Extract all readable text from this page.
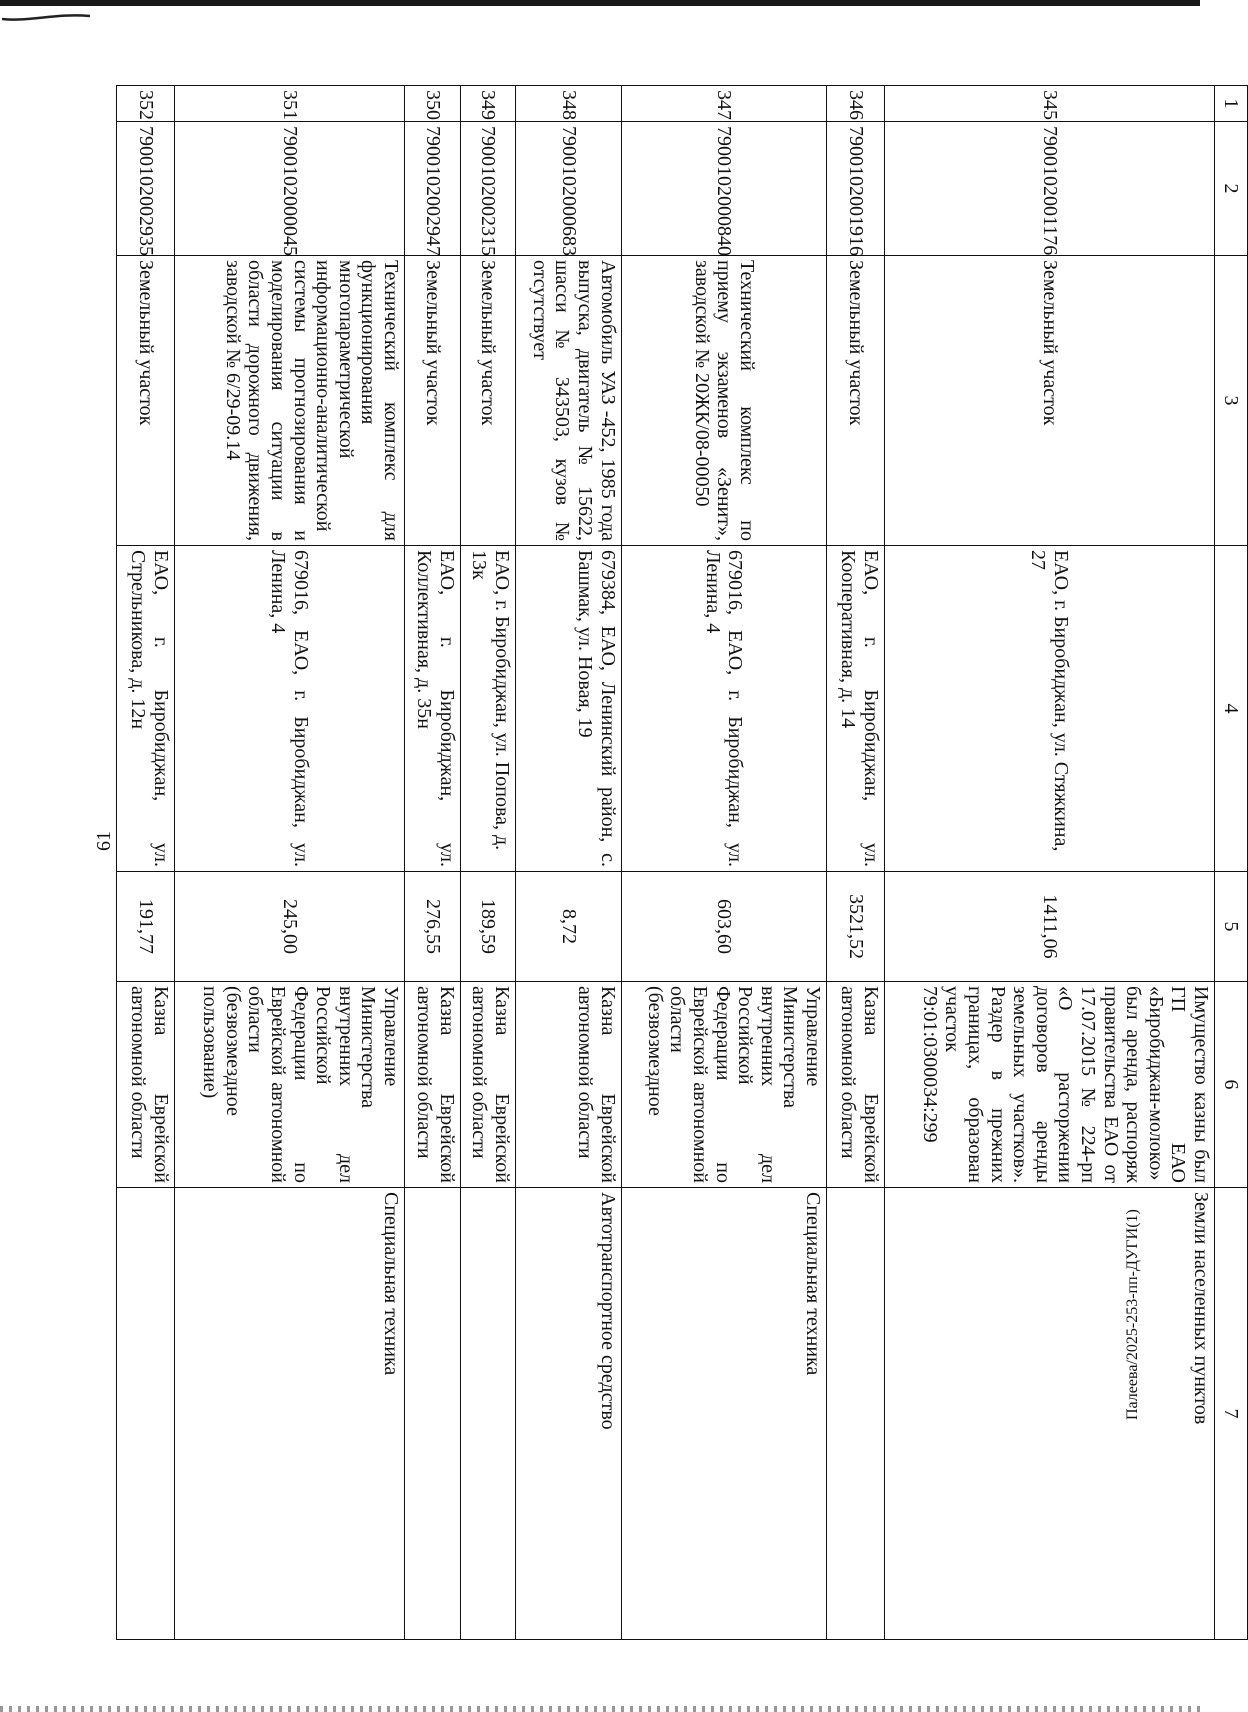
61
Палеева/2025-253-пп-ДУГИ(1)
1	2	3	4	5	6	7
345	7900102001176	Земельный участок	ЕАО, г. Биробиджан, ул. Стяжкина, 27	1411,06	Имущество казны был ГП ЕАО «Биробиджан-молоко» был аренда, распоряж правительства ЕАО от 17.07.2015 № 224-рп «О расторжении договоров аренды земельных участков». Раздер в прежних границах, образован участок 79:01:0300034:299	Земли населенных пунктов
346	7900102001916	Земельный участок	ЕАО, г. Биробиджан, ул. Кооперативная, д. 14	3521,52	Казна Еврейской автономной области	
347	7900102000840	Технический комплекс по приему экзаменов «Зенит», заводской № 20ЖК/08-00050	679016, ЕАО, г. Биробиджан, ул. Ленина, 4	603,60	Управление Министерства внутренних дел Российской Федерации по Еврейской автономной области (безвозмездное	Специальная техника
348	7900102000683	Автомобиль УАЗ -452, 1985 года выпуска, двигатель № 15622, шасси № 343503, кузов № отсутствует	679384, ЕАО, Ленинский район, с. Башмак, ул. Новая, 19	8,72	Казна Еврейской автономной области	Автотранспортное средство
349	7900102002315	Земельный участок	ЕАО, г. Биробиджан, ул. Попова, д. 13к	189,59	Казна Еврейской автономной области	
350	7900102002947	Земельный участок	ЕАО, г. Биробиджан, ул. Коллективная, д. 35н	276,55	Казна Еврейской автономной области	
351	7900102000045	Технический комплекс для функционирования многопараметрической информационно-аналитической системы прогнозирования и моделирования ситуации в области дорожного движения, заводской № 6/29-09.14	679016, ЕАО, г. Биробиджан, ул. Ленина, 4	245,00	Управление Министерства внутренних дел Российской Федерации по Еврейской автономной области (безвозмездное пользование)	Специальная техника
352	7900102002935	Земельный участок	ЕАО, г. Биробиджан, ул. Стрельникова, д. 12н	191,77	Казна Еврейской автономной области	
